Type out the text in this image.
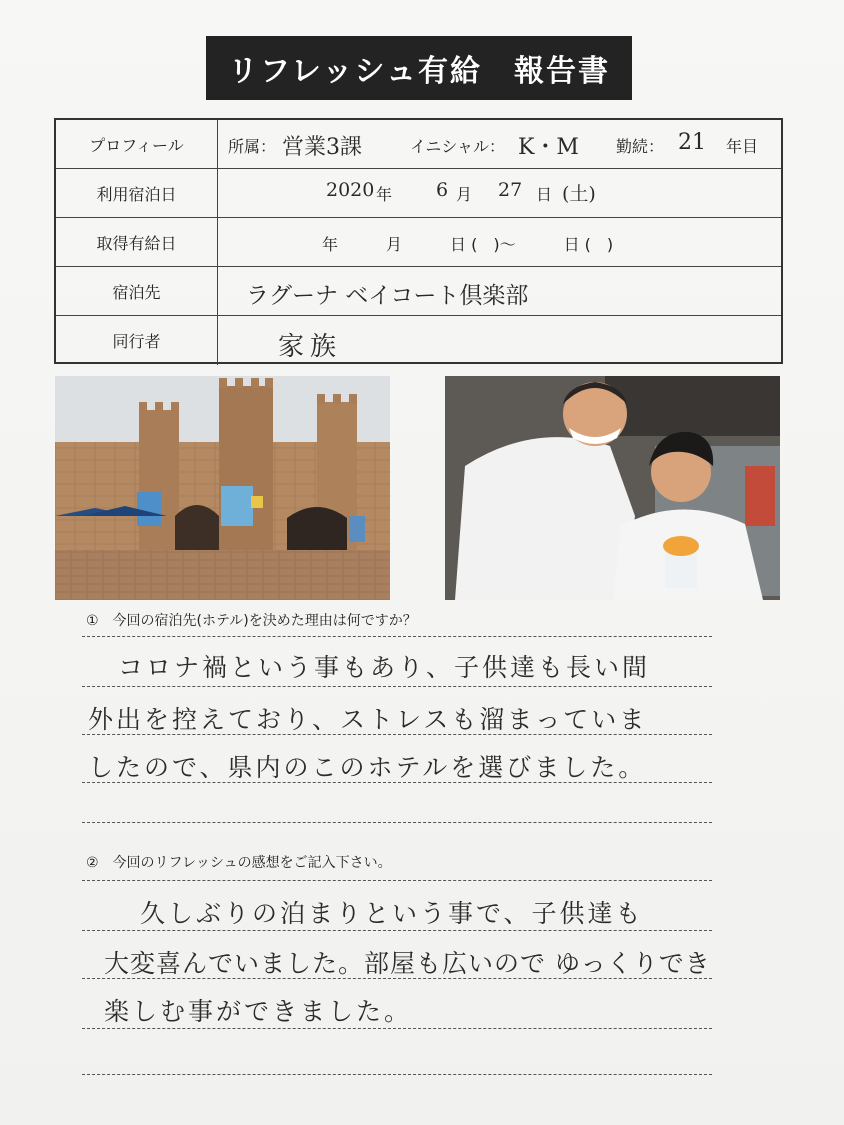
リフレッシュ有給　報告書
プロフィール	所属： 営業3課	イニシャル： K・M 勤続： 21 年目
利用宿泊日	2020 年 6 月 27 日 (土)
取得有給日	年　　　月　　　日 (　)～　　　日 (　)
宿泊先	ラグーナ ベイコート倶楽部
同行者	家族
①　今回の宿泊先(ホテル)を決めた理由は何ですか？
コロナ禍という事もあり、子供達も長い間
外出を控えており、ストレスも溜まっていま
したので、県内のこのホテルを選びました。
②　今回のリフレッシュの感想をご記入下さい。
久しぶりの泊まりという事で、子供達も
大変喜んでいました。部屋も広いので ゆっくりでき
楽しむ事ができました。
